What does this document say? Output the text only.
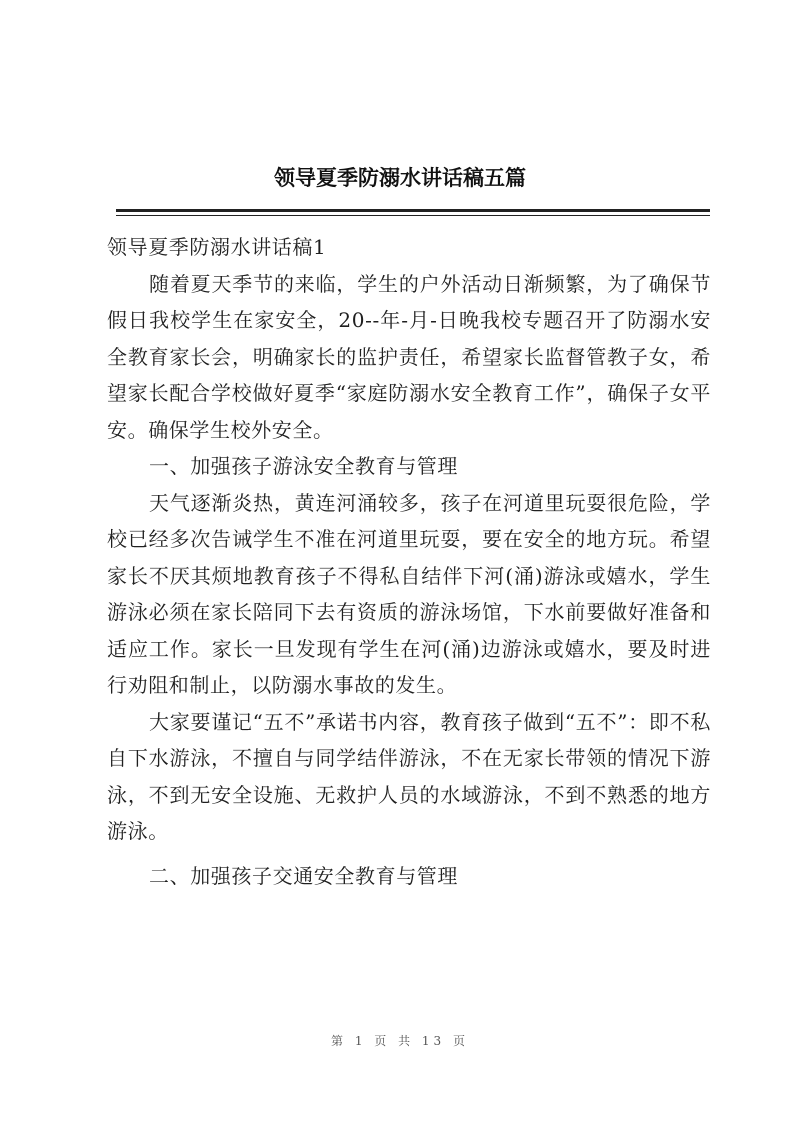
领导夏季防溺水讲话稿五篇

领导夏季防溺水讲话稿1

随着夏天季节的来临，学生的户外活动日渐频繁，为了确保节假日我校学生在家安全，20--年-月-日晚我校专题召开了防溺水安全教育家长会，明确家长的监护责任，希望家长监督管教子女，希望家长配合学校做好夏季“家庭防溺水安全教育工作”，确保子女平安。确保学生校外安全。

一、加强孩子游泳安全教育与管理

天气逐渐炎热，黄连河涌较多，孩子在河道里玩耍很危险，学校已经多次告诫学生不准在河道里玩耍，要在安全的地方玩。希望家长不厌其烦地教育孩子不得私自结伴下河(涌)游泳或嬉水，学生游泳必须在家长陪同下去有资质的游泳场馆，下水前要做好准备和适应工作。家长一旦发现有学生在河(涌)边游泳或嬉水，要及时进行劝阻和制止，以防溺水事故的发生。

大家要谨记“五不”承诺书内容，教育孩子做到“五不”：即不私自下水游泳，不擅自与同学结伴游泳，不在无家长带领的情况下游泳，不到无安全设施、无救护人员的水域游泳，不到不熟悉的地方游泳。

二、加强孩子交通安全教育与管理

第 1 页 共 13 页
